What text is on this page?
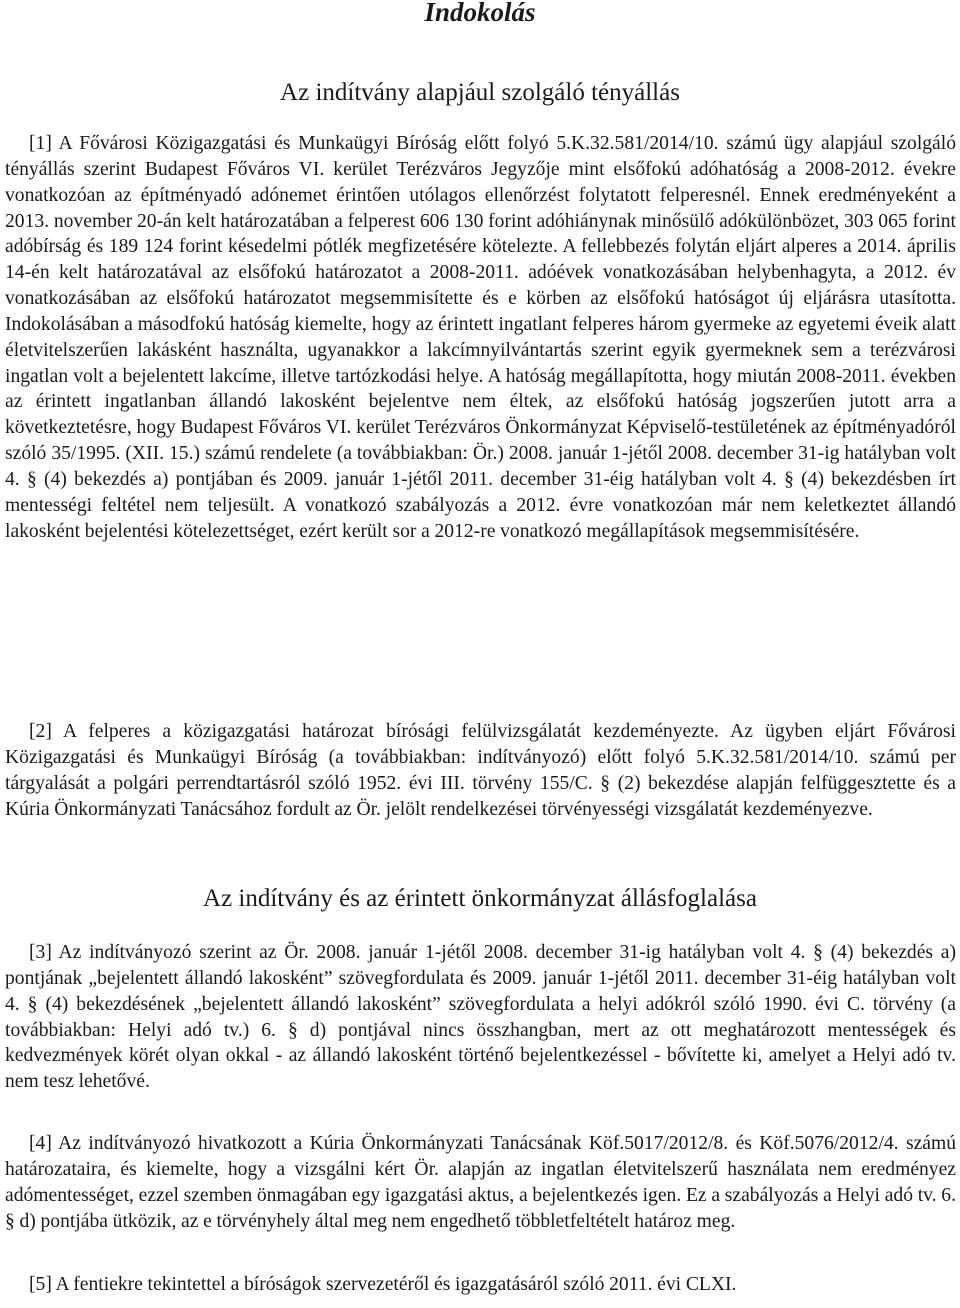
Indokolás
Az indítvány alapjául szolgáló tényállás

[1] A Fővárosi Közigazgatási és Munkaügyi Bíróság előtt folyó 5.K.32.581/2014/10. számú ügy alapjául szolgáló tényállás szerint Budapest Főváros VI. kerület Terézváros Jegyzője mint elsőfokú adóhatóság a 2008-2012. évekre vonatkozóan az építményadó adónemet érintően utólagos ellenőrzést folytatott felperesnél. Ennek eredményeként a 2013. november 20-án kelt határozatában a felperest 606 130 forint adóhiánynak minősülő adókülönbözet, 303 065 forint adóbírság és 189 124 forint késedelmi pótlék megfizetésére kötelezte. A fellebbezés folytán eljárt alperes a 2014. április 14-én kelt határozatával az elsőfokú határozatot a 2008-2011. adóévek vonatkozásában helybenhagyta, a 2012. év vonatkozásában az elsőfokú határozatot megsemmisítette és e körben az elsőfokú hatóságot új eljárásra utasította. Indokolásában a másodfokú hatóság kiemelte, hogy az érintett ingatlant felperes három gyermeke az egyetemi éveik alatt életvitelszerűen lakásként használta, ugyanakkor a lakcímnyilvántartás szerint egyik gyermeknek sem a terézvárosi ingatlan volt a bejelentett lakcíme, illetve tartózkodási helye. A hatóság megállapította, hogy miután 2008-2011. években az érintett ingatlanban állandó lakosként bejelentve nem éltek, az elsőfokú hatóság jogszerűen jutott arra a következtetésre, hogy Budapest Főváros VI. kerület Terézváros Önkormányzat Képviselő-testületének az építményadóról szóló 35/1995. (XII. 15.) számú rendelete (a továbbiakban: Ör.) 2008. január 1-jétől 2008. december 31-ig hatályban volt 4. § (4) bekezdés a) pontjában és 2009. január 1-jétől 2011. december 31-éig hatályban volt 4. § (4) bekezdésben írt mentességi feltétel nem teljesült. A vonatkozó szabályozás a 2012. évre vonatkozóan már nem keletkeztet állandó lakosként bejelentési kötelezettséget, ezért került sor a 2012-re vonatkozó megállapítások megsemmisítésére.

[2] A felperes a közigazgatási határozat bírósági felülvizsgálatát kezdeményezte. Az ügyben eljárt Fővárosi Közigazgatási és Munkaügyi Bíróság (a továbbiakban: indítványozó) előtt folyó 5.K.32.581/2014/10. számú per tárgyalását a polgári perrendtartásról szóló 1952. évi III. törvény 155/C. § (2) bekezdése alapján felfüggesztette és a Kúria Önkormányzati Tanácsához fordult az Ör. jelölt rendelkezései törvényességi vizsgálatát kezdeményezve.

Az indítvány és az érintett önkormányzat állásfoglalása

[3] Az indítványozó szerint az Ör. 2008. január 1-jétől 2008. december 31-ig hatályban volt 4. § (4) bekezdés a) pontjának „bejelentett állandó lakosként” szövegfordulata és 2009. január 1-jétől 2011. december 31-éig hatályban volt 4. § (4) bekezdésének „bejelentett állandó lakosként” szövegfordulata a helyi adókról szóló 1990. évi C. törvény (a továbbiakban: Helyi adó tv.) 6. § d) pontjával nincs összhangban, mert az ott meghatározott mentességek és kedvezmények körét olyan okkal - az állandó lakosként történő bejelentkezéssel - bővítette ki, amelyet a Helyi adó tv. nem tesz lehetővé.

[4] Az indítványozó hivatkozott a Kúria Önkormányzati Tanácsának Köf.5017/2012/8. és Köf.5076/2012/4. számú határozataira, és kiemelte, hogy a vizsgálni kért Ör. alapján az ingatlan életvitelszerű használata nem eredményez adómentességet, ezzel szemben önmagában egy igazgatási aktus, a bejelentkezés igen. Ez a szabályozás a Helyi adó tv. 6. § d) pontjába ütközik, az e törvényhely által meg nem engedhető többletfeltételt határoz meg.

[5] A fentiekre tekintettel a bíróságok szervezetéről és igazgatásáról szóló 2011. évi CLXI.
